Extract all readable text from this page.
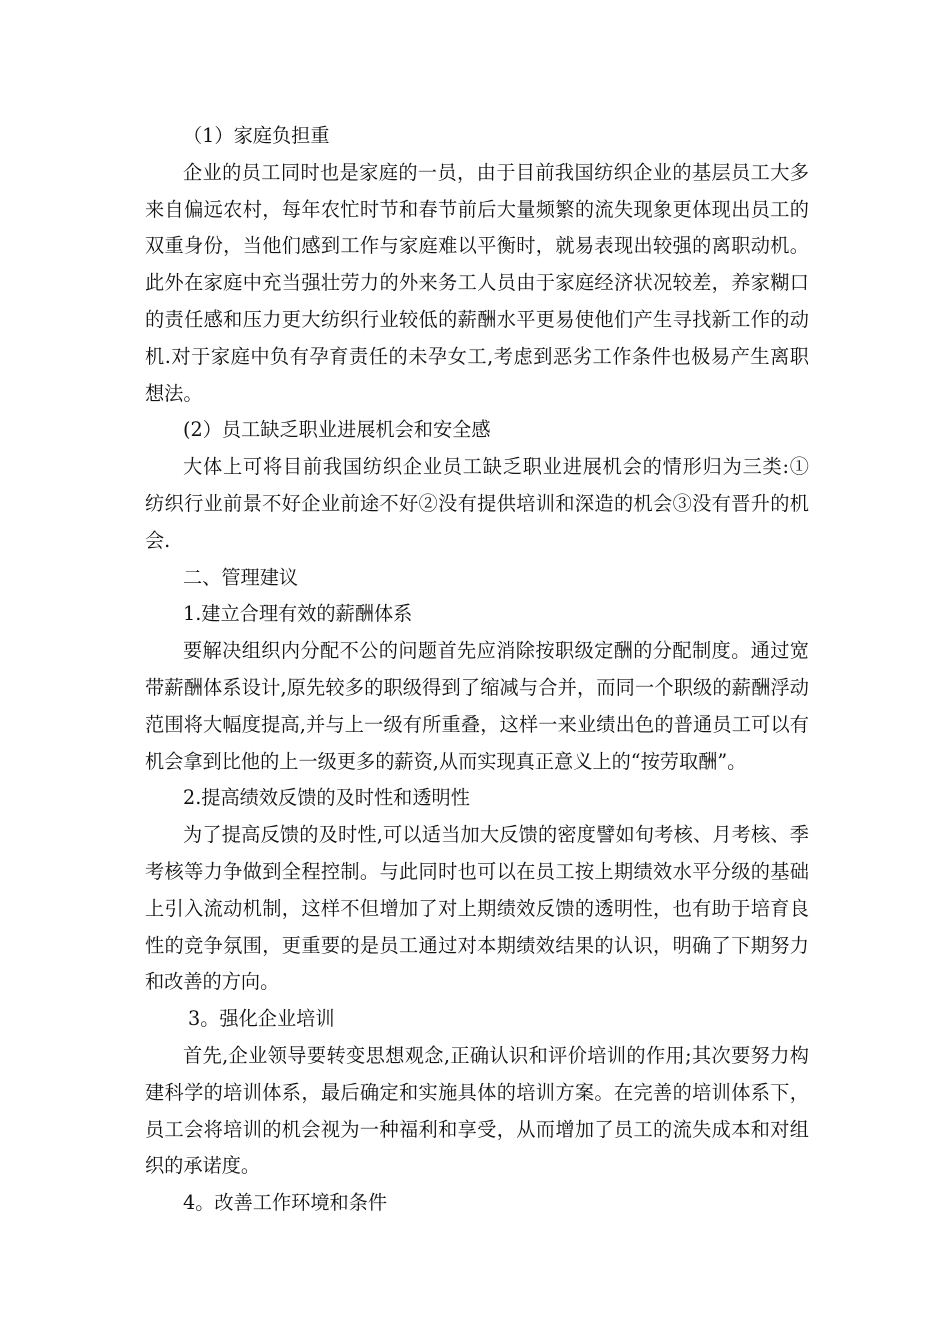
（1）家庭负担重

企业的员工同时也是家庭的一员，由于目前我国纺织企业的基层员工大多

来自偏远农村，每年农忙时节和春节前后大量频繁的流失现象更体现出员工的

双重身份，当他们感到工作与家庭难以平衡时，就易表现出较强的离职动机。

此外在家庭中充当强壮劳力的外来务工人员由于家庭经济状况较差，养家糊口

的责任感和压力更大纺织行业较低的薪酬水平更易使他们产生寻找新工作的动

机.对于家庭中负有孕育责任的未孕女工,考虑到恶劣工作条件也极易产生离职

想法。

(2）员工缺乏职业进展机会和安全感

大体上可将目前我国纺织企业员工缺乏职业进展机会的情形归为三类:①

纺织行业前景不好企业前途不好②没有提供培训和深造的机会③没有晋升的机

会.

二、管理建议

1.建立合理有效的薪酬体系

要解决组织内分配不公的问题首先应消除按职级定酬的分配制度。通过宽

带薪酬体系设计,原先较多的职级得到了缩减与合并，而同一个职级的薪酬浮动

范围将大幅度提高,并与上一级有所重叠，这样一来业绩出色的普通员工可以有

机会拿到比他的上一级更多的薪资,从而实现真正意义上的“按劳取酬”。

2.提高绩效反馈的及时性和透明性

为了提高反馈的及时性,可以适当加大反馈的密度譬如旬考核、月考核、季

考核等力争做到全程控制。与此同时也可以在员工按上期绩效水平分级的基础

上引入流动机制，这样不但增加了对上期绩效反馈的透明性，也有助于培育良

性的竞争氛围，更重要的是员工通过对本期绩效结果的认识，明确了下期努力

和改善的方向。

3。强化企业培训

首先,企业领导要转变思想观念,正确认识和评价培训的作用;其次要努力构

建科学的培训体系，最后确定和实施具体的培训方案。在完善的培训体系下，

员工会将培训的机会视为一种福利和享受，从而增加了员工的流失成本和对组

织的承诺度。

4。改善工作环境和条件
